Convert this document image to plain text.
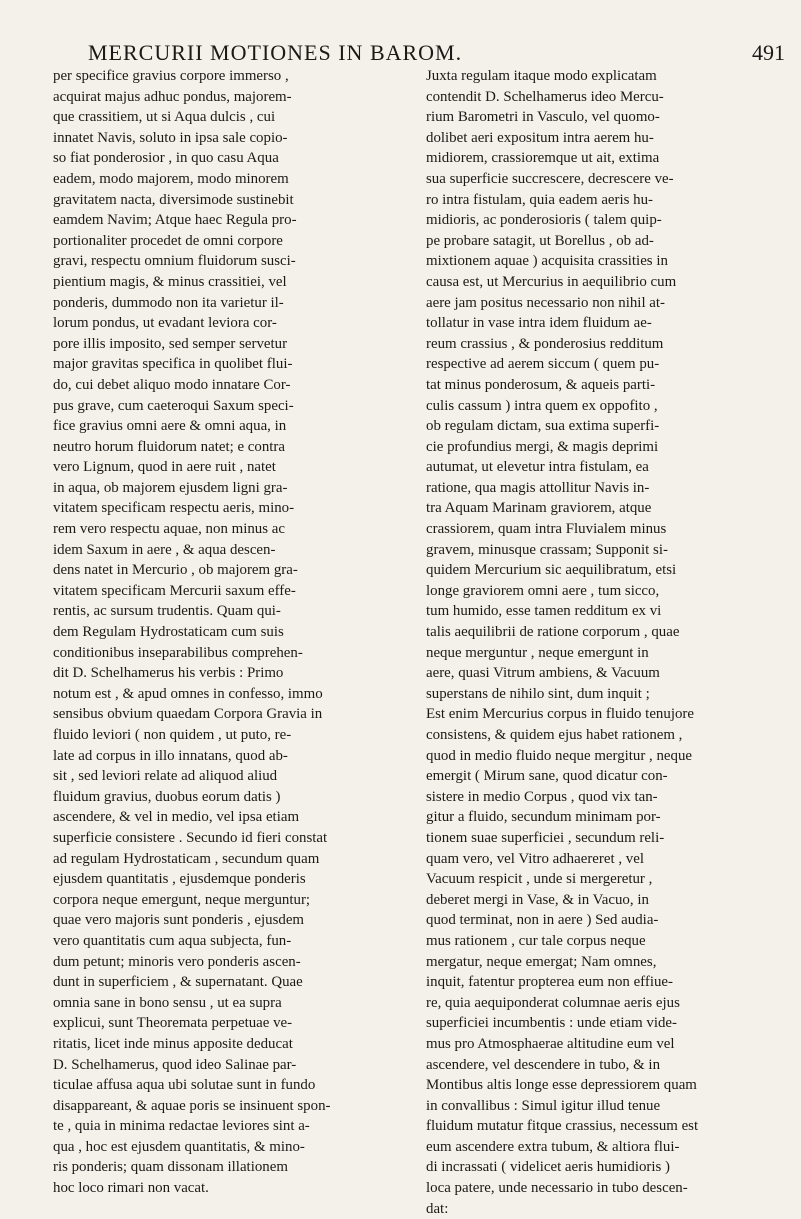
MERCURII MOTIONES IN BAROM.	491
per specifice gravius corpore immerso ,
acquirat majus adhuc pondus, majorem-
que crassitiem, ut si Aqua dulcis , cui
innatet Navis, soluto in ipsa sale copio-
so fiat ponderosior , in quo casu Aqua
eadem, modo majorem, modo minorem
gravitatem nacta, diversimode sustinebit
eamdem Navim; Atque haec Regula pro-
portionaliter procedet de omni corpore
gravi, respectu omnium fluidorum susci-
pientium magis, & minus crassitiei, vel
ponderis, dummodo non ita varietur il-
lorum pondus, ut evadant leviora cor-
pore illis imposito, sed semper servetur
major gravitas specifica in quolibet flui-
do, cui debet aliquo modo innatare Cor-
pus grave, cum caeteroqui Saxum speci-
fice gravius omni aere & omni aqua, in
neutro horum fluidorum natet; e contra
vero Lignum, quod in aere ruit , natet
in aqua, ob majorem ejusdem ligni gra-
vitatem specificam respectu aeris, mino-
rem vero respectu aquae, non minus ac
idem Saxum in aere , & aqua descen-
dens natet in Mercurio , ob majorem gra-
vitatem specificam Mercurii saxum effe-
rentis, ac sursum trudentis. Quam qui-
dem Regulam Hydrostaticam cum suis
conditionibus inseparabilibus comprehen-
dit D. Schelhamerus his verbis : Primo
notum est , & apud omnes in confesso, immo
sensibus obvium quaedam Corpora Gravia in
fluido leviori ( non quidem , ut puto, re-
late ad corpus in illo innatans, quod ab-
sit , sed leviori relate ad aliquod aliud
fluidum gravius, duobus eorum datis )
ascendere, & vel in medio, vel ipsa etiam
superficie consistere . Secundo id fieri constat
ad regulam Hydrostaticam , secundum quam
ejusdem quantitatis , ejusdemque ponderis
corpora neque emergunt, neque merguntur;
quae vero majoris sunt ponderis , ejusdem
vero quantitatis cum aqua subjecta, fun-
dum petunt; minoris vero ponderis ascen-
dunt in superficiem , & supernatant. Quae
omnia sane in bono sensu , ut ea supra
explicui, sunt Theoremata perpetuae ve-
ritatis, licet inde minus apposite deducat
D. Schelhamerus, quod ideo Salinae par-
ticulae affusa aqua ubi solutae sunt in fundo
disappareant, & aquae poris se insinuent spon-
te , quia in minima redactae leviores sint a-
qua , hoc est ejusdem quantitatis, & mino-
ris ponderis; quam dissonam illationem
hoc loco rimari non vacat.
Juxta regulam itaque modo explicatam
contendit D. Schelhamerus ideo Mercu-
rium Barometri in Vasculo, vel quomo-
dolibet aeri expositum intra aerem hu-
midiorem, crassioremque ut ait, extima
sua superficie succrescere, decrescere ve-
ro intra fistulam, quia eadem aeris hu-
midioris, ac ponderosioris ( talem quip-
pe probare satagit, ut Borellus , ob ad-
mixtionem aquae ) acquisita crassities in
causa est, ut Mercurius in aequilibrio cum
aere jam positus necessario non nihil at-
tollatur in vase intra idem fluidum ae-
reum crassius , & ponderosius redditum
respective ad aerem siccum ( quem pu-
tat minus ponderosum, & aqueis parti-
culis cassum ) intra quem ex oppofito ,
ob regulam dictam, sua extima superfi-
cie profundius mergi, & magis deprimi
autumat, ut elevetur intra fistulam, ea
ratione, qua magis attollitur Navis in-
tra Aquam Marinam graviorem, atque
crassiorem, quam intra Fluvialem minus
gravem, minusque crassam; Supponit si-
quidem Mercurium sic aequilibratum, etsi
longe graviorem omni aere , tum sicco,
tum humido, esse tamen redditum ex vi
talis aequilibrii de ratione corporum , quae
neque merguntur , neque emergunt in
aere, quasi Vitrum ambiens, & Vacuum
superstans de nihilo sint, dum inquit ;
Est enim Mercurius corpus in fluido tenujore
consistens, & quidem ejus habet rationem ,
quod in medio fluido neque mergitur , neque
emergit ( Mirum sane, quod dicatur con-
sistere in medio Corpus , quod vix tan-
gitur a fluido, secundum minimam por-
tionem suae superficiei , secundum reli-
quam vero, vel Vitro adhaereret , vel
Vacuum respicit , unde si mergeretur ,
deberet mergi in Vase, & in Vacuo, in
quod terminat, non in aere ) Sed audia-
mus rationem , cur tale corpus neque
mergatur, neque emergat; Nam omnes,
inquit, fatentur propterea eum non effiue-
re, quia aequiponderat columnae aeris ejus
superficiei incumbentis : unde etiam vide-
mus pro Atmosphaerae altitudine eum vel
ascendere, vel descendere in tubo, & in
Montibus altis longe esse depressiorem quam
in convallibus : Simul igitur illud tenue
fluidum mutatur fitque crassius, necessum est
eum ascendere extra tubum, & altiora flui-
di incrassati ( videlicet aeris humidioris )
loca patere, unde necessario in tubo descen-
dat:
